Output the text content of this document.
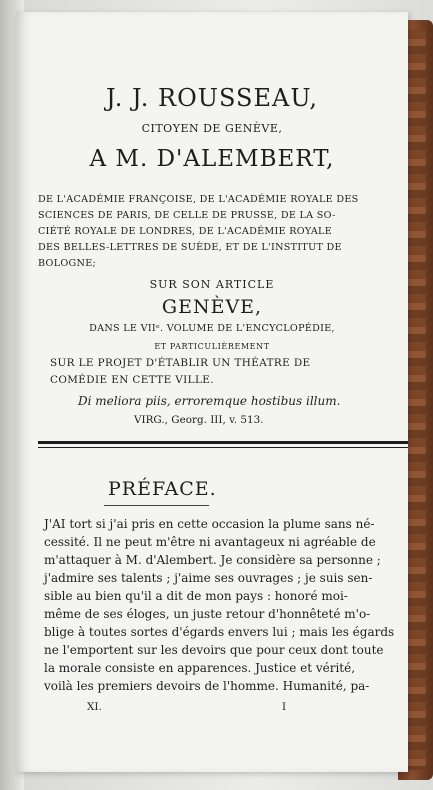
J. J. ROUSSEAU,
CITOYEN DE GENÈVE,
A M. D'ALEMBERT,
DE L'ACADÉMIE FRANÇOISE, DE L'ACADÉMIE ROYALE DES
SCIENCES DE PARIS, DE CELLE DE PRUSSE, DE LA SO-
CIÉTÉ ROYALE DE LONDRES, DE L'ACADÉMIE ROYALE
DES BELLES-LETTRES DE SUÈDE, ET DE L'INSTITUT DE
BOLOGNE;
SUR SON ARTICLE
GENÈVE,
DANS LE VIIᵉ. VOLUME DE L'ENCYCLOPÉDIE,
ET PARTICULIÈREMENT
SUR LE PROJET D'ÉTABLIR UN THÉATRE DE
COMÉDIE EN CETTE VILLE.
Di meliora piis, erroremque hostibus illum.
VIRG., Georg. III, v. 513.
PRÉFACE.
J'AI tort si j'ai pris en cette occasion la plume sans né-
cessité. Il ne peut m'être ni avantageux ni agréable de
m'attaquer à M. d'Alembert. Je considère sa personne ;
j'admire ses talents ; j'aime ses ouvrages ; je suis sen-
sible au bien qu'il a dit de mon pays : honoré moi-
même de ses éloges, un juste retour d'honnêteté m'o-
blige à toutes sortes d'égards envers lui ; mais les égards
ne l'emportent sur les devoirs que pour ceux dont toute
la morale consiste en apparences. Justice et vérité,
voilà les premiers devoirs de l'homme. Humanité, pa-
XI.	I
